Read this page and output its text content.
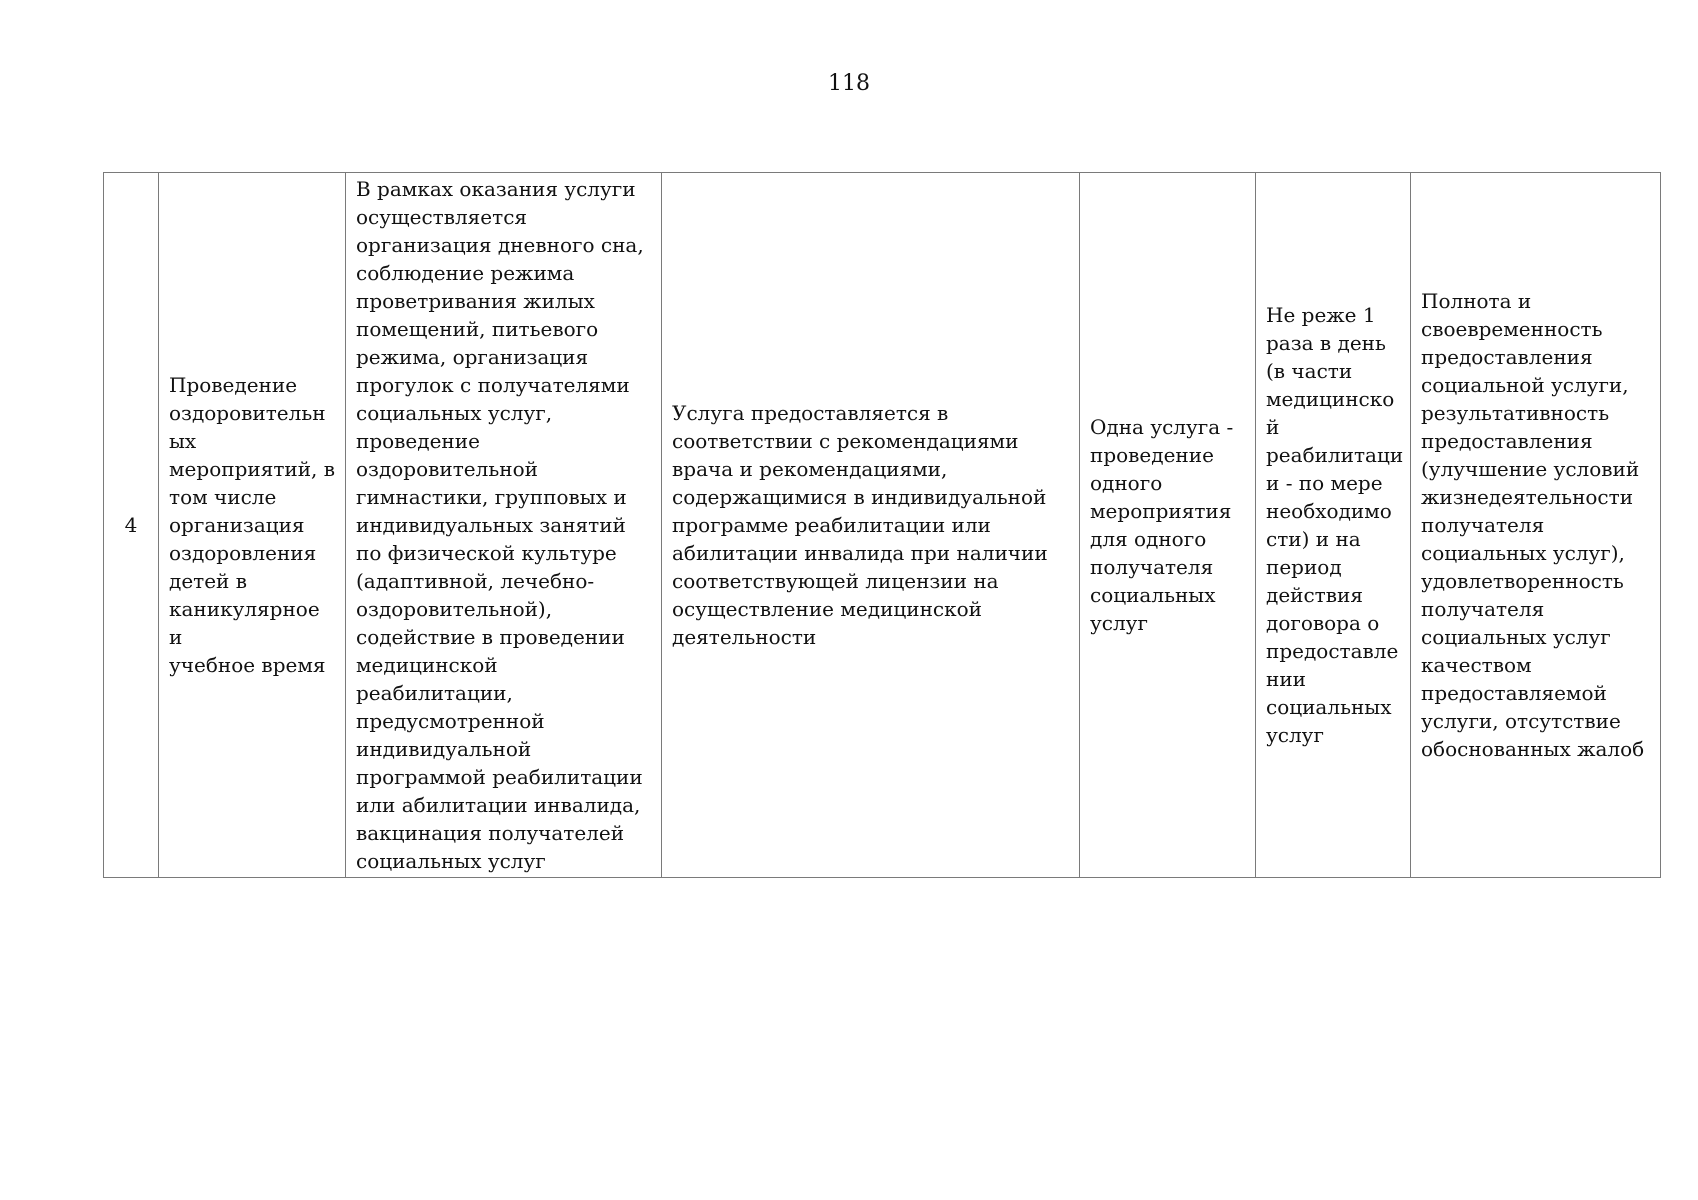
118
4	Проведение
оздоровительн
ых
мероприятий, в
том числе
организация
оздоровления
детей в
каникулярное и
учебное время	В рамках оказания услуги
осуществляется
организация дневного сна,
соблюдение режима
проветривания жилых
помещений, питьевого
режима, организация
прогулок с получателями
социальных услуг,
проведение
оздоровительной
гимнастики, групповых и
индивидуальных занятий
по физической культуре
(адаптивной, лечебно-
оздоровительной),
содействие в проведении
медицинской
реабилитации,
предусмотренной
индивидуальной
программой реабилитации
или абилитации инвалида,
вакцинация получателей
социальных услуг	Услуга предоставляется в
соответствии с рекомендациями
врача и рекомендациями,
содержащимися в индивидуальной
программе реабилитации или
абилитации инвалида при наличии
соответствующей лицензии на
осуществление медицинской
деятельности	Одна услуга -
проведение
одного
мероприятия
для одного
получателя
социальных
услуг	Не реже 1
раза в день
(в части
медицинско
й
реабилитаци
и - по мере
необходимо
сти) и на
период
действия
договора о
предоставле
нии
социальных
услуг	Полнота и
своевременность
предоставления
социальной услуги,
результативность
предоставления
(улучшение условий
жизнедеятельности
получателя
социальных услуг),
удовлетворенность
получателя
социальных услуг
качеством
предоставляемой
услуги, отсутствие
обоснованных жалоб
